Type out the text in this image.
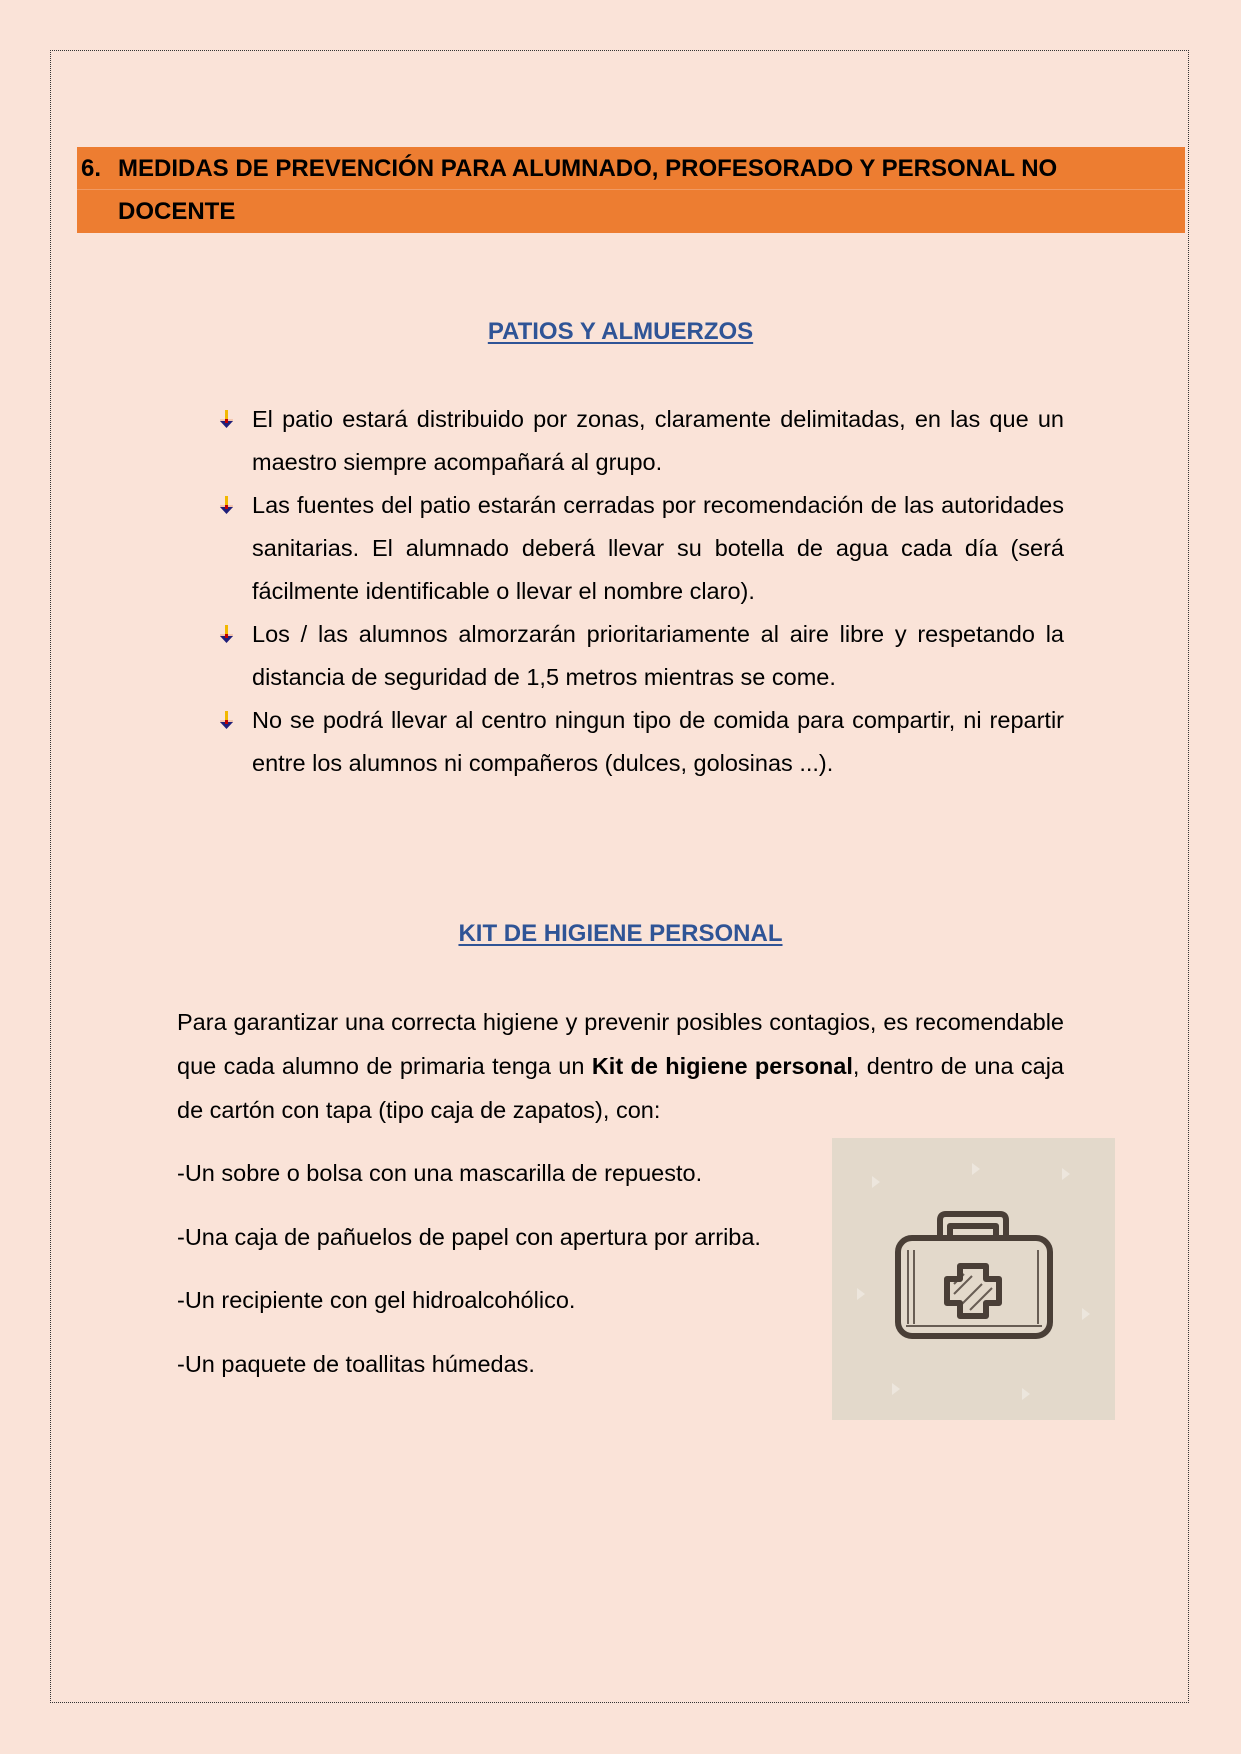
6. MEDIDAS DE PREVENCIÓN PARA ALUMNADO, PROFESORADO Y PERSONAL NO DOCENTE
PATIOS Y ALMUERZOS
El patio estará distribuido por zonas, claramente delimitadas, en las que un maestro siempre acompañará al grupo.
Las fuentes del patio estarán cerradas por recomendación de las autoridades sanitarias. El alumnado deberá llevar su botella de agua cada día (será fácilmente identificable o llevar el nombre claro).
Los / las alumnos almorzarán prioritariamente al aire libre y respetando la distancia de seguridad de 1,5 metros mientras se come.
No se podrá llevar al centro ningun tipo de comida para compartir, ni repartir entre los alumnos ni compañeros (dulces, golosinas ...).
KIT DE HIGIENE PERSONAL

Para garantizar una correcta higiene y prevenir posibles contagios, es recomendable que cada alumno de primaria tenga un Kit de higiene personal, dentro de una caja de cartón con tapa (tipo caja de zapatos), con:

-Un sobre o bolsa con una mascarilla de repuesto.
-Una caja de pañuelos de papel con apertura por arriba.
-Un recipiente con gel hidroalcohólico.
-Un paquete de toallitas húmedas.
